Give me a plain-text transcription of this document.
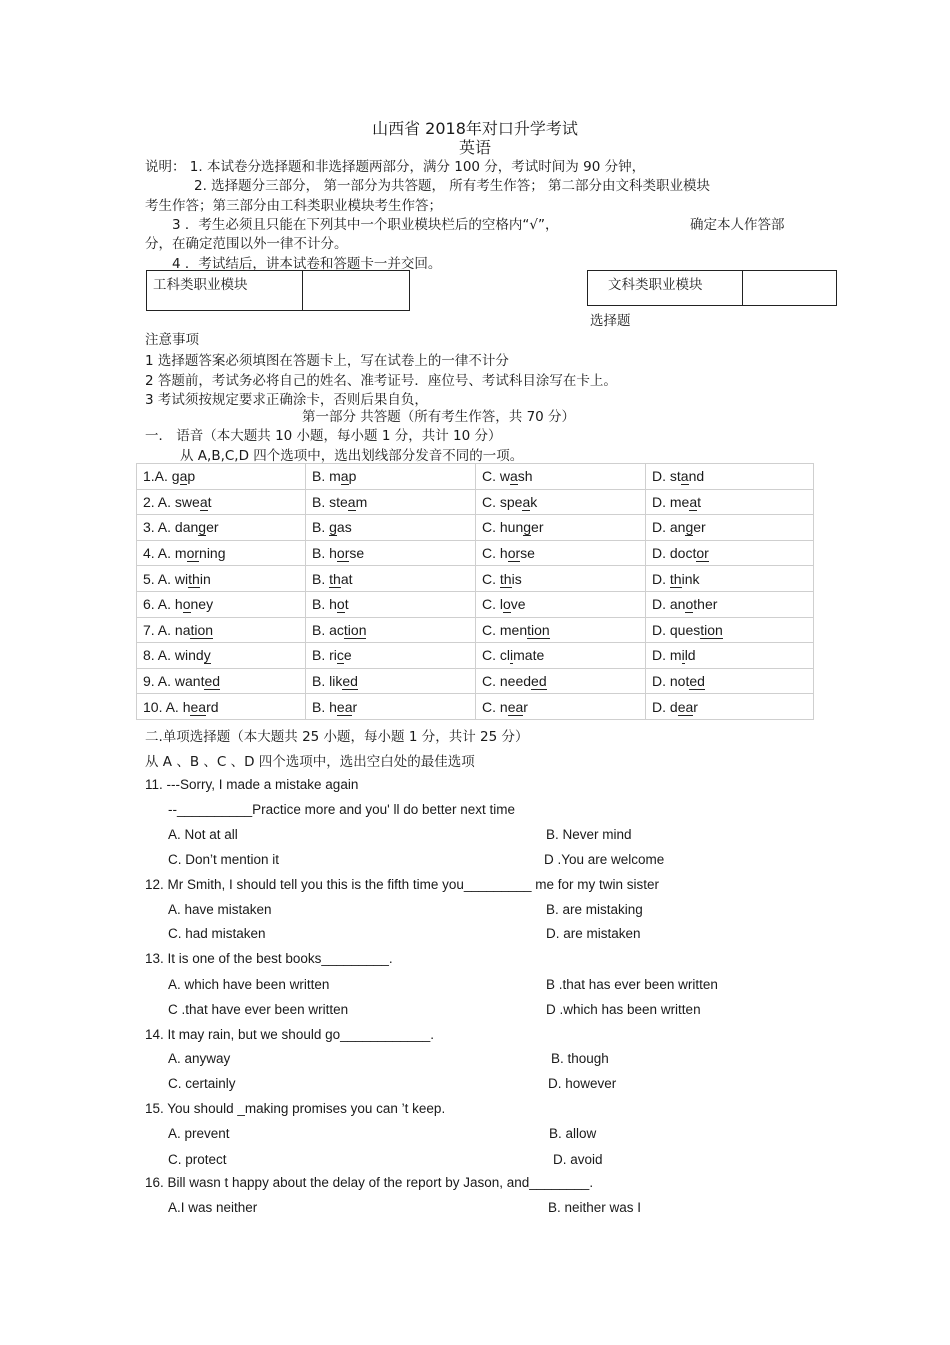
山西省 2018年对口升学考试
英语
说明： 1. 本试卷分选择题和非选择题两部分，满分 100 分，考试时间为 90 分钟，
2. 选择题分三部分， 第一部分为共答题， 所有考生作答； 第二部分由文科类职业模块
考生作答；第三部分由工科类职业模块考生作答；
3 ．考生必须且只能在下列其中一个职业模块栏后的空格内“√”，	确定本人作答部
分，在确定范围以外一律不计分。
4 ．考试结后，讲本试卷和答题卡一并交回。
工科类职业模块	文科类职业模块
选择题
注意事项
1 选择题答案必须填图在答题卡上，写在试卷上的一律不计分
2 答题前，考试务必将自己的姓名、准考证号．座位号、考试科目涂写在卡上。
3 考试须按规定要求正确涂卡，否则后果自负，
第一部分 共答题（所有考生作答，共 70 分）
一． 语音（本大题共 10 小题，每小题 1 分，共计 10 分）
从 A,B,C,D 四个选项中，选出划线部分发音不同的一项。
1.A. gap	B. map	C. wash	D. stand
2. A. sweat	B. steam	C. speak	D. meat
3. A. danger	B. gas	C. hunger	D. anger
4. A. morning	B. horse	C. horse	D. doctor
5. A. within	B. that	C. this	D. think
6. A. honey	B. hot	C. love	D. another
7. A. nation	B. action	C. mention	D. question
8. A. windy	B. rice	C. climate	D. mild
9. A. wanted	B. liked	C. needed	D. noted
10. A. heard	B. hear	C. near	D. dear
二.单项选择题（本大题共 25 小题，每小题 1 分，共计 25 分）
从 A 、B 、C 、D 四个选项中，选出空白处的最佳选项
11. ---Sorry, I made a mistake again
--__________Practice more and you' ll do better next time
A. Not at all	B. Never mind
C. Don’t mention it	D .You are welcome
12. Mr Smith, I should tell you this is the fifth time you_________ me for my twin sister
A. have mistaken	B. are mistaking
C. had mistaken	D. are mistaken
13. It is one of the best books_________.
A. which have been written	B .that has ever been written
C .that have ever been written	D .which has been written
14. It may rain, but we should go____________.
A. anyway	B. though
C. certainly	D. however
15. You should _making promises you can ’t keep.
A. prevent	B. allow
C. protect	D. avoid
16. Bill wasn t happy about the delay of the report by Jason, and________.
A.I was neither	B. neither was I
